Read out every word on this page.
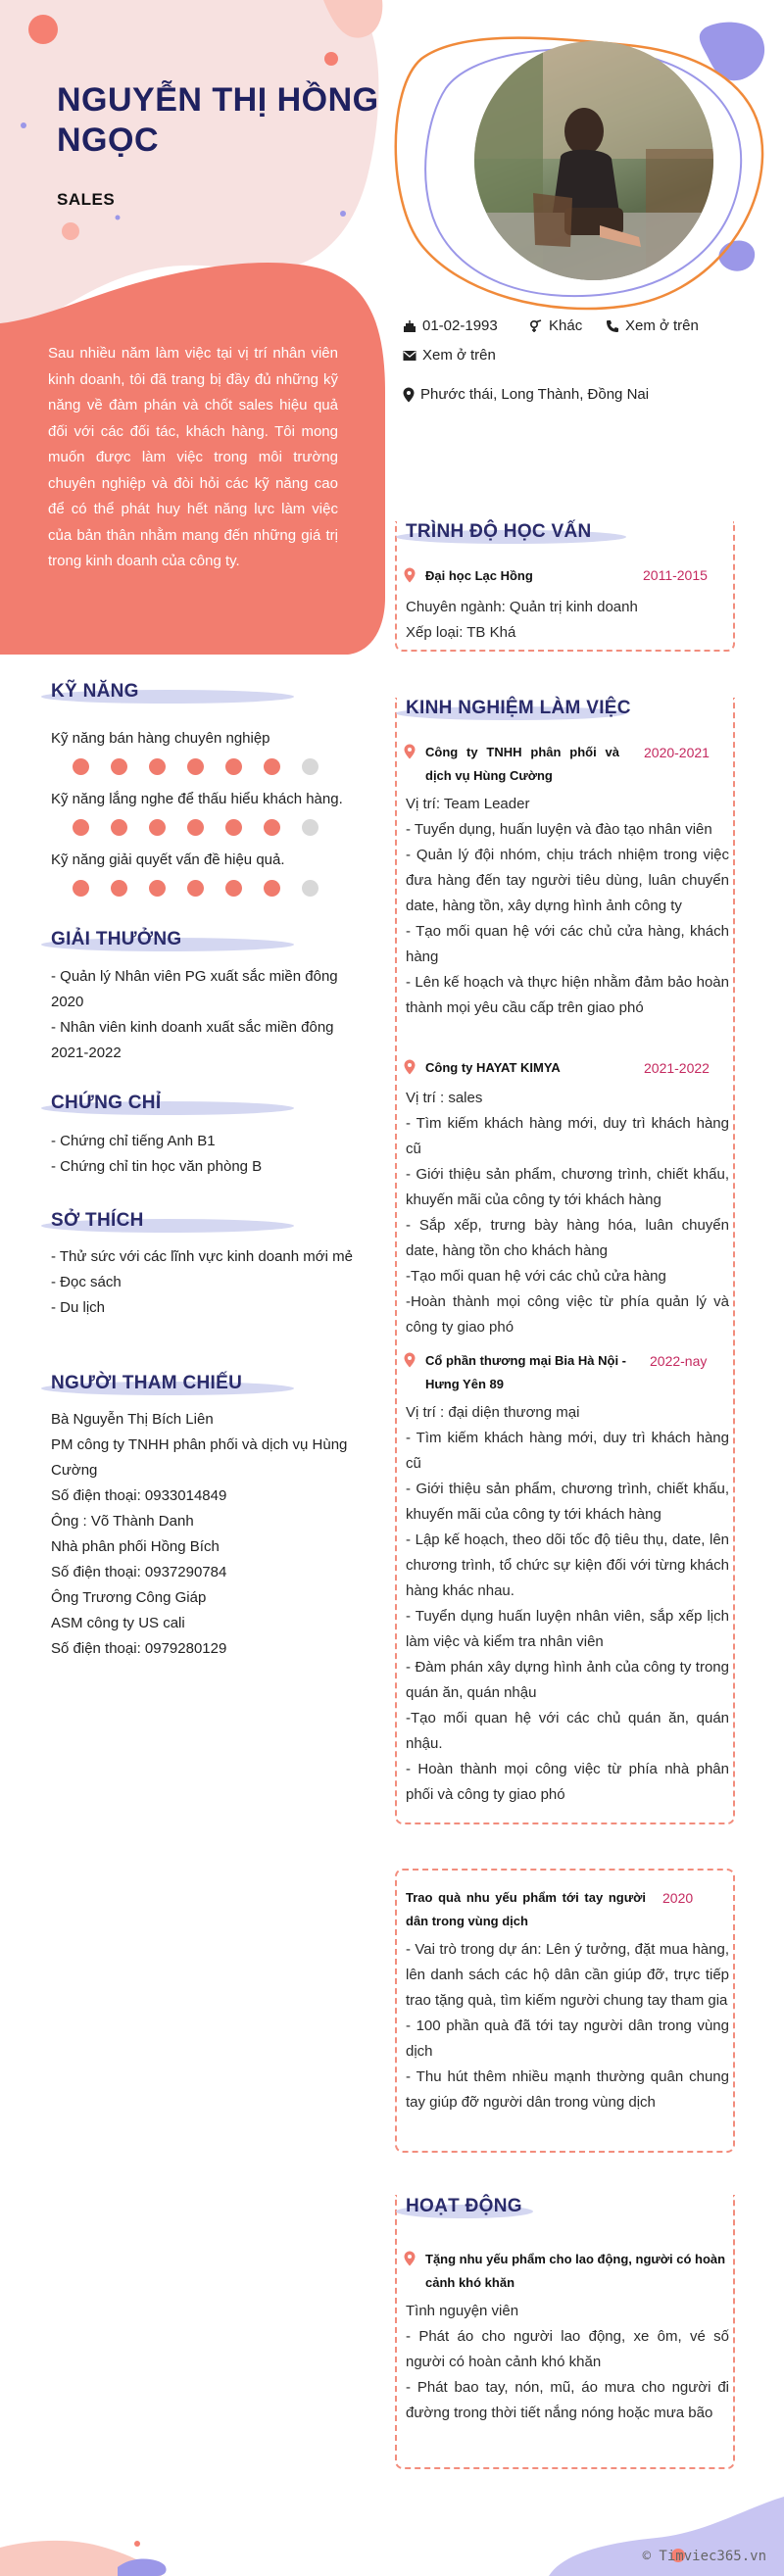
NGUYỄN THỊ HỒNG NGỌC
SALES
Sau nhiều năm làm việc tại vị trí nhân viên kinh doanh, tôi đã trang bị đầy đủ những kỹ năng về đàm phán và chốt sales hiệu quả đối với các đối tác, khách hàng. Tôi mong muốn được làm việc trong môi trường chuyên nghiệp và đòi hỏi các kỹ năng cao để có thể phát huy hết năng lực làm việc của bản thân nhằm mang đến những giá trị trong kinh doanh của công ty.
01-02-1993	Khác	Xem ở trên
Xem ở trên
Phước thái, Long Thành, Đồng Nai
TRÌNH ĐỘ HỌC VẤN
Đại học Lạc Hồng	2011-2015

Chuyên ngành: Quản trị kinh doanh

Xếp loại: TB Khá

KINH NGHIỆM LÀM VIỆC
Công ty TNHH phân phối và dịch vụ Hùng Cường
2020-2021

Vị trí: Team Leader

- Tuyển dụng, huấn luyện và đào tạo nhân viên

- Quản lý đội nhóm, chịu trách nhiệm trong việc đưa hàng đến tay người tiêu dùng, luân chuyển date, hàng tồn, xây dựng hình ảnh công ty

- Tạo mối quan hệ với các chủ cửa hàng, khách hàng

- Lên kế hoạch và thực hiện nhằm đảm bảo hoàn thành mọi yêu cầu cấp trên giao phó

Công ty HAYAT KIMYA	2021-2022

Vị trí : sales

- Tìm kiếm khách hàng mới, duy trì khách hàng cũ

- Giới thiệu sản phẩm, chương trình, chiết khấu, khuyến mãi của công ty tới khách hàng

- Sắp xếp, trưng bày hàng hóa, luân chuyển date, hàng tồn cho khách hàng

-Tạo mối quan hệ với các chủ cửa hàng

-Hoàn thành mọi công việc từ phía quản lý và công ty giao phó

Cổ phần thương mại Bia Hà Nội - Hưng Yên 89
2022-nay

Vị trí : đại diện thương mại

- Tìm kiếm khách hàng mới, duy trì khách hàng cũ

- Giới thiệu sản phẩm, chương trình, chiết khấu, khuyến mãi của công ty tới khách hàng

- Lập kế hoạch, theo dõi tốc độ tiêu thụ, date, lên chương trình, tổ chức sự kiện đối với từng khách hàng khác nhau.

- Tuyển dụng huấn luyện nhân viên, sắp xếp lịch làm việc và kiểm tra nhân viên

- Đàm phán xây dựng hình ảnh của công ty trong quán ăn, quán nhậu

-Tạo mối quan hệ với các chủ quán ăn, quán nhậu.

- Hoàn thành mọi công việc từ phía nhà phân phối và công ty giao phó

Trao quà nhu yếu phẩm tới tay người dân trong vùng dịch
2020

- Vai trò trong dự án: Lên ý tưởng, đặt mua hàng, lên danh sách các hộ dân cần giúp đỡ, trực tiếp trao tặng quà, tìm kiếm người chung tay tham gia

- 100 phần quà đã tới tay người dân trong vùng dịch

- Thu hút thêm nhiều mạnh thường quân chung tay giúp đỡ người dân trong vùng dịch

HOẠT ĐỘNG
Tặng nhu yếu phẩm cho lao động, người có hoàn cảnh khó khăn

Tình nguyện viên

- Phát áo cho người lao động, xe ôm, vé số người có hoàn cảnh khó khăn

- Phát bao tay, nón, mũ, áo mưa cho người đi đường trong thời tiết nắng nóng hoặc mưa bão

KỸ NĂNG
Kỹ năng bán hàng chuyên nghiệp
Kỹ năng lắng nghe để thấu hiểu khách hàng.
Kỹ năng giải quyết vấn đề hiệu quả.
GIẢI THƯỞNG

- Quản lý Nhân viên PG xuất sắc miền đông 2020

- Nhân viên kinh doanh xuất sắc miền đông 2021-2022

CHỨNG CHỈ

- Chứng chỉ tiếng Anh B1

- Chứng chỉ tin học văn phòng B

SỞ THÍCH

- Thử sức với các lĩnh vực kinh doanh mới mẻ

- Đọc sách

- Du lịch

NGƯỜI THAM CHIẾU

Bà Nguyễn Thị Bích Liên

PM công ty TNHH phân phối và dịch vụ Hùng Cường

Số điện thoại: 0933014849

Ông : Võ Thành Danh

Nhà phân phối Hồng Bích

Số điện thoại: 0937290784

Ông Trương Công Giáp

ASM công ty US cali

Số điện thoại: 0979280129

© Timviec365.vn
